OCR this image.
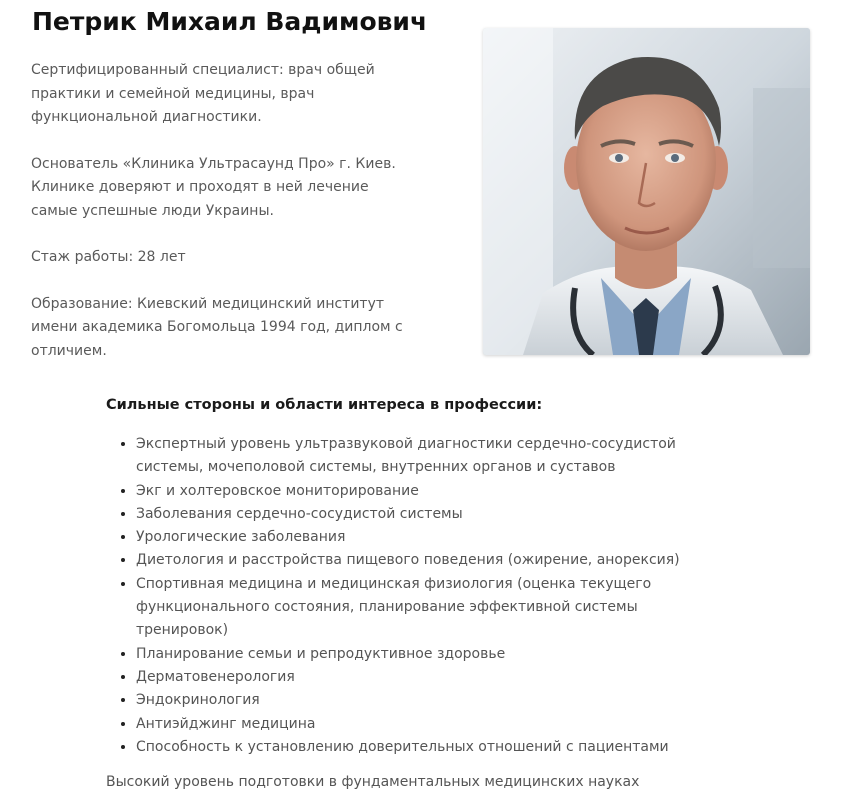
Петрик Михаил Вадимович

Сертифицированный специалист: врач общей практики и семейной медицины, врач функциональной диагностики.

Основатель «Клиника Ультрасаунд Про» г. Киев. Клинике доверяют и проходят в ней лечение самые успешные люди Украины.

Стаж работы: 28 лет

Образование: Киевский медицинский институт имени академика Богомольца 1994 год, диплом с отличием.

Сильные стороны и области интереса в профессии:
• Экспертный уровень ультразвуковой диагностики сердечно-сосудистой системы, мочеполовой системы, внутренних органов и суставов
• Экг и холтеровское мониторирование
• Заболевания сердечно-сосудистой системы
• Урологические заболевания
• Диетология и расстройства пищевого поведения (ожирение, анорексия)
• Спортивная медицина и медицинская физиология (оценка текущего функционального состояния, планирование эффективной системы тренировок)
• Планирование семьи и репродуктивное здоровье
• Дерматовенерология
• Эндокринология
• Антиэйджинг медицина
• Способность к установлению доверительных отношений с пациентами

Высокий уровень подготовки в фундаментальных медицинских науках
